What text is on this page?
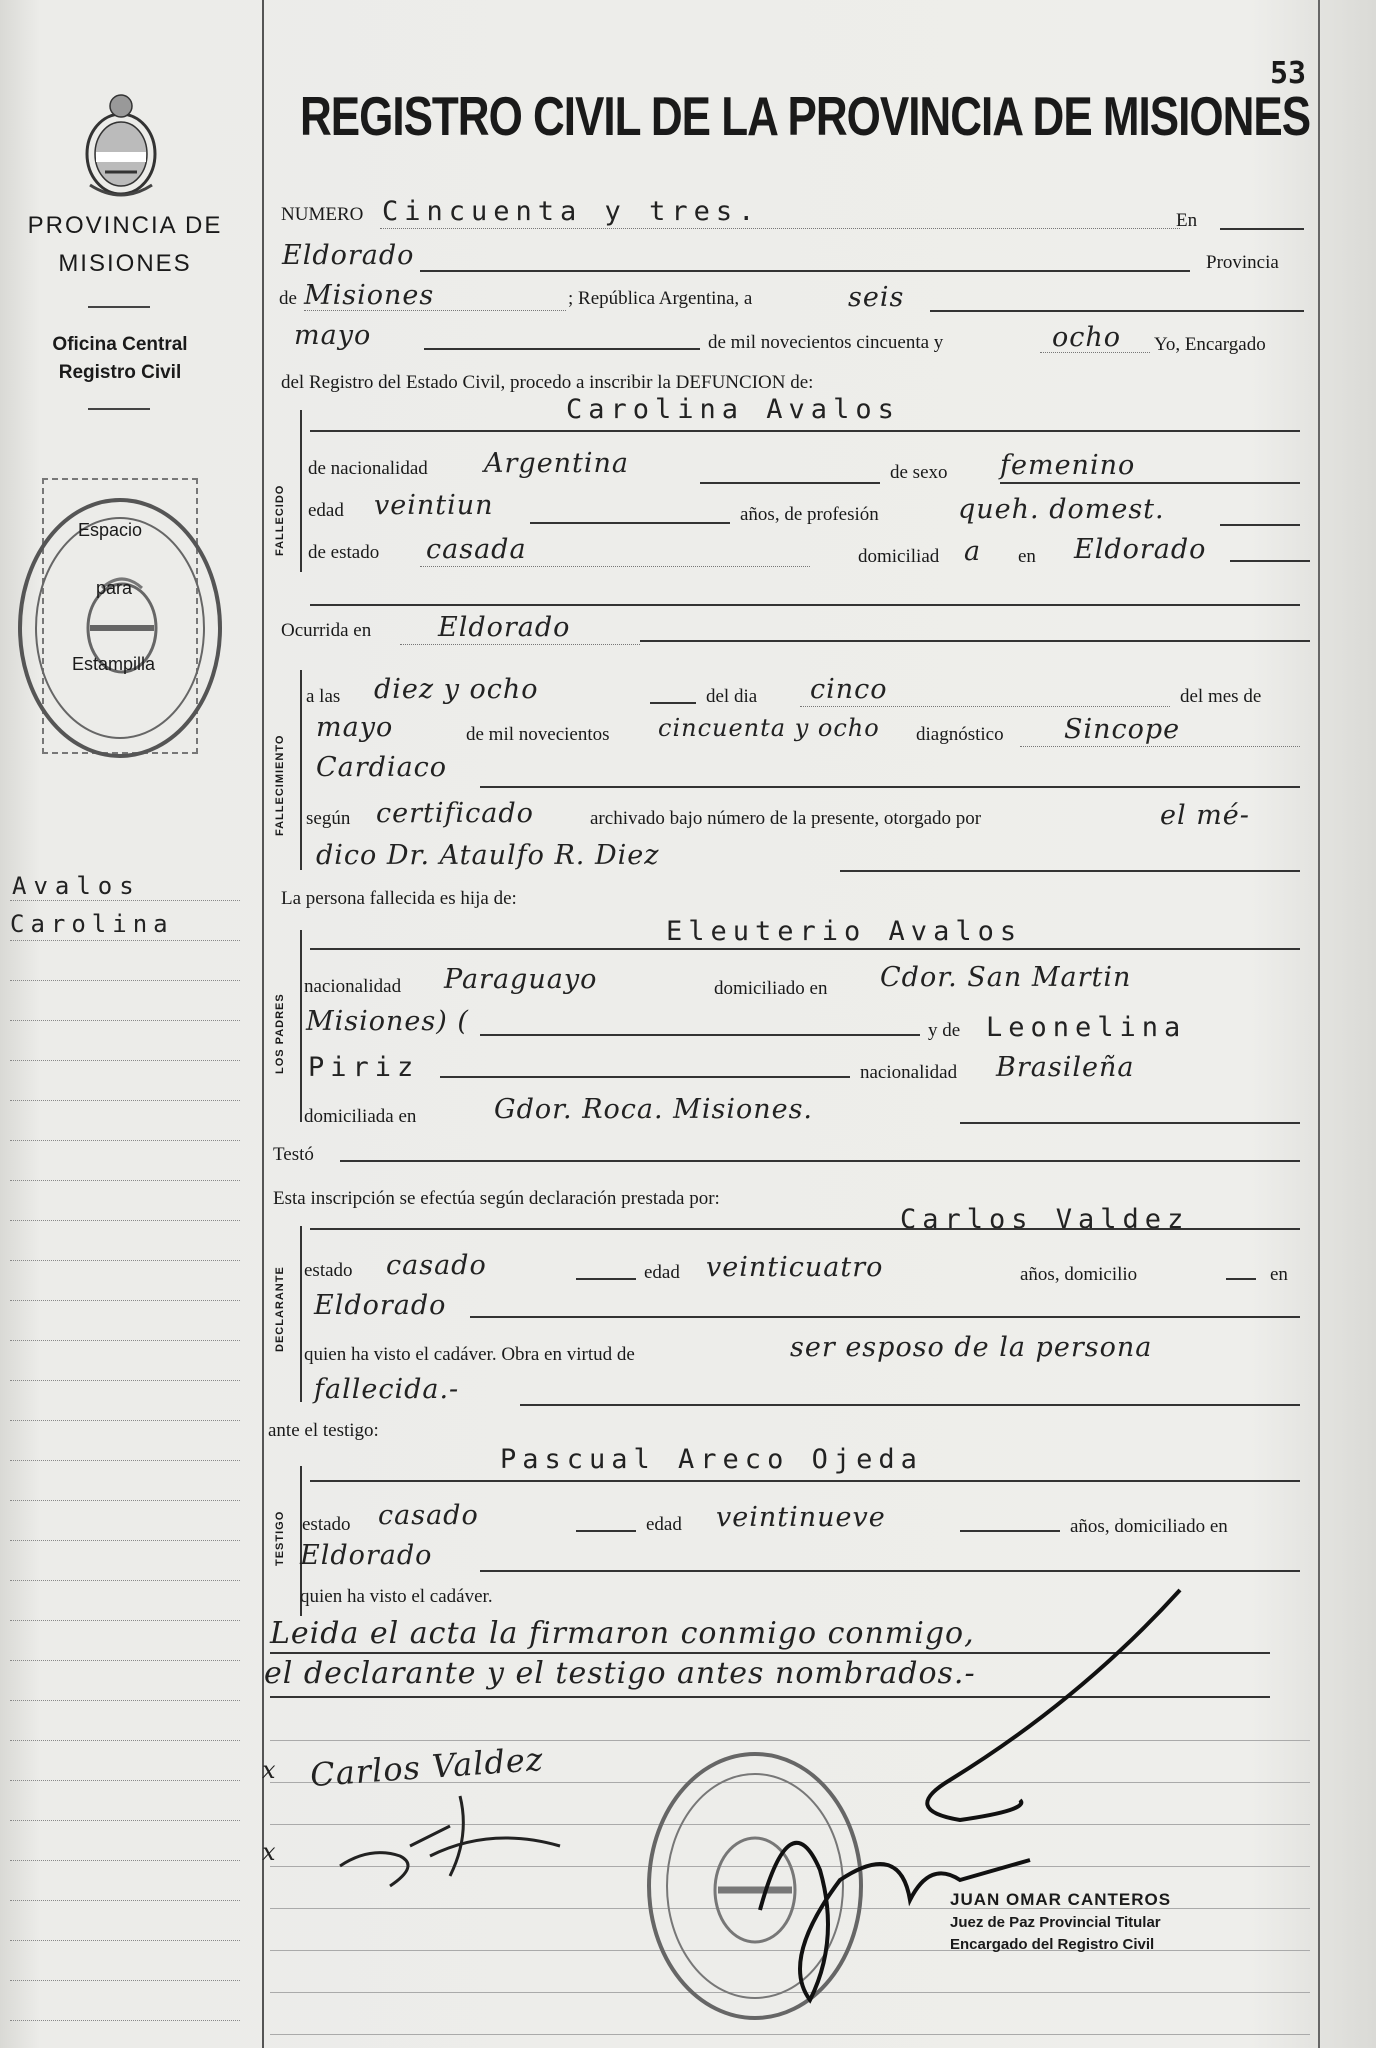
PROVINCIA DE
MISIONES
Oficina Central
Registro Civil
Espacio
para
Estampilla
Avalos
Carolina
53
REGISTRO CIVIL DE LA PROVINCIA DE MISIONES
NUMERO Cincuenta y tres.	En
Eldorado	Provincia
de Misiones	; República Argentina, a	seis
mayo	de mil novecientos cincuenta y	ocho Yo, Encargado
del Registro del Estado Civil, procedo a inscribir la DEFUNCION de:
FALLECIDO
Carolina Avalos
de nacionalidad Argentina	de sexo femenino
edad veintiun	años, de profesión	queh. domest.
de estado casada	domiciliad a en Eldorado
Ocurrida en Eldorado
FALLECIMIENTO
a las diez y ocho	del dia cinco	del mes de
mayo	de mil novecientos cincuenta y ocho diagnóstico Sincope
Cardiaco
según certificado	archivado bajo número de la presente, otorgado por	el mé-
dico Dr. Ataulfo R. Diez
La persona fallecida es hija de:
LOS PADRES
Eleuterio Avalos
nacionalidad Paraguayo	domiciliado en Cdor. San Martin
Misiones) (	y de Leonelina
Piriz	nacionalidad Brasileña
domiciliada en	Gdor. Roca. Misiones.
Testó
Esta inscripción se efectúa según declaración prestada por:
DECLARANTE
Carlos Valdez
estado casado	edad veinticuatro	años, domicilio	en
Eldorado
quien ha visto el cadáver. Obra en virtud de	ser esposo de la persona
fallecida.-
ante el testigo:
TESTIGO
Pascual Areco Ojeda
estado casado	edad veintinueve	años, domiciliado en
Eldorado
quien ha visto el cadáver.
Leida el acta la firmaron conmigo conmigo,
el declarante y el testigo antes nombrados.-
x Carlos Valdez
x
JUAN OMAR CANTEROS
Juez de Paz Provincial Titular
Encargado del Registro Civil
